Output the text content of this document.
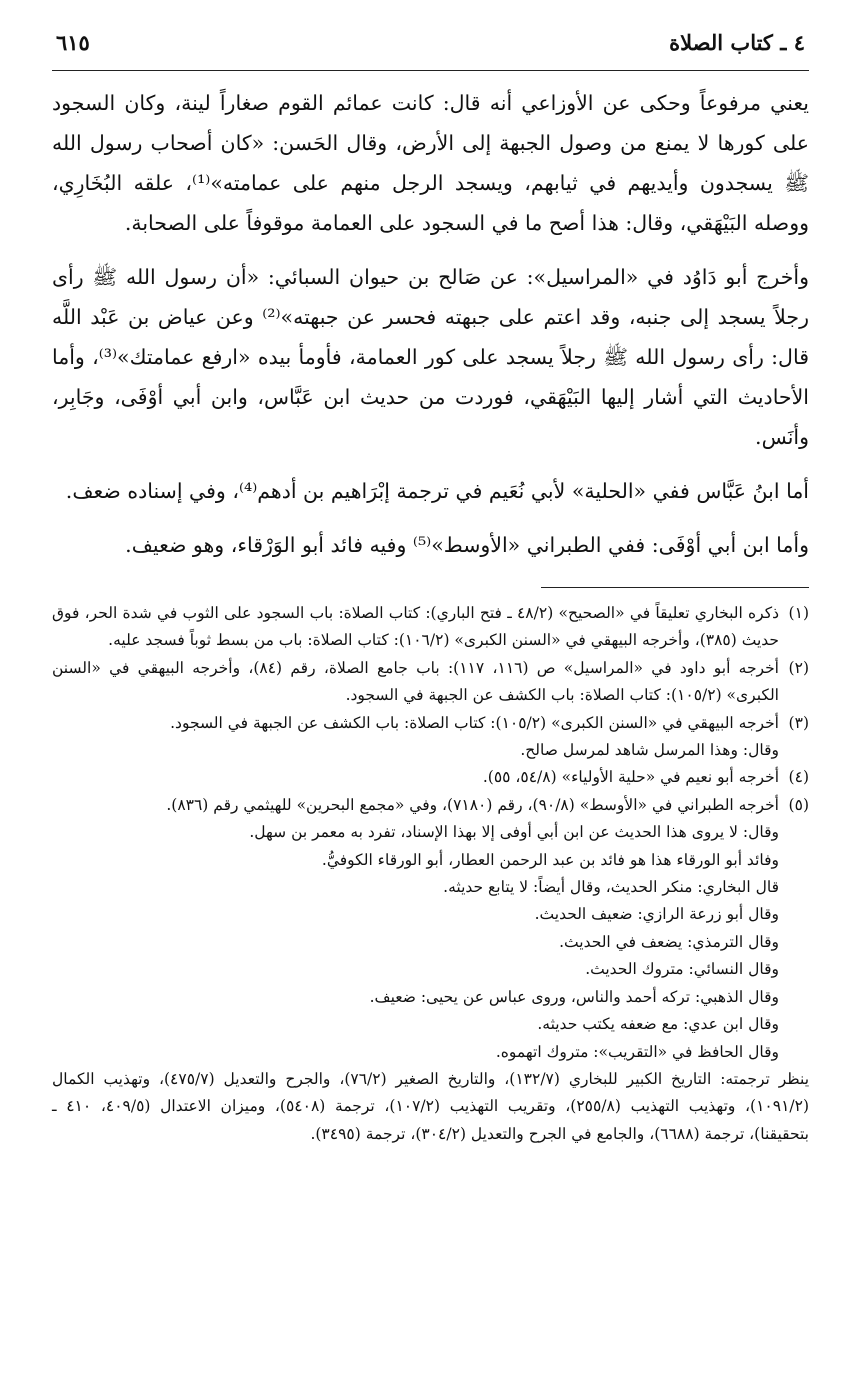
٤ ـ كتاب الصلاة
٦١٥

يعني مرفوعاً وحكى عن الأوزاعي أنه قال: كانت عمائم القوم صغاراً لينة، وكان السجود على كورها لا يمنع من وصول الجبهة إلى الأرض، وقال الحَسن: «كان أصحاب رسول الله ﷺ يسجدون وأيديهم في ثيابهم، ويسجد الرجل منهم على عمامته»⁽¹⁾، علقه البُخَارِي، ووصله البَيْهَقي، وقال: هذا أصح ما في السجود على العمامة موقوفاً على الصحابة.

وأخرج أبو دَاوُد في «المراسيل»: عن صَالح بن حيوان السبائي: «أن رسول الله ﷺ رأى رجلاً يسجد إلى جنبه، وقد اعتم على جبهته فحسر عن جبهته»⁽²⁾ وعن عياض بن عَبْد اللَّه قال: رأى رسول الله ﷺ رجلاً يسجد على كور العمامة، فأومأ بيده «ارفع عمامتك»⁽³⁾، وأما الأحاديث التي أشار إليها البَيْهَقي، فوردت من حديث ابن عَبَّاس، وابن أبي أوْفَى، وجَابِر، وأنَس.

أما ابنُ عَبَّاس ففي «الحلية» لأبي نُعَيم في ترجمة إبْرَاهيم بن أدهم⁽⁴⁾، وفي إسناده ضعف.

وأما ابن أبي أوْفَى: ففي الطبراني «الأوسط»⁽⁵⁾ وفيه فائد أبو الوَرْقاء، وهو ضعيف.

(١)
ذكره البخاري تعليقاً في «الصحيح» (٤٨/٢ ـ فتح الباري): كتاب الصلاة: باب السجود على الثوب في شدة الحر، فوق حديث (٣٨٥)، وأخرجه البيهقي في «السنن الكبرى» (١٠٦/٢): كتاب الصلاة: باب من بسط ثوباً فسجد عليه.
(٢)
أخرجه أبو داود في «المراسيل» ص (١١٦، ١١٧): باب جامع الصلاة، رقم (٨٤)، وأخرجه البيهقي في «السنن الكبرى» (١٠٥/٢): كتاب الصلاة: باب الكشف عن الجبهة في السجود.
(٣)
أخرجه البيهقي في «السنن الكبرى» (١٠٥/٢): كتاب الصلاة: باب الكشف عن الجبهة في السجود.
وقال: وهذا المرسل شاهد لمرسل صالح.
(٤)
أخرجه أبو نعيم في «حلية الأولياء» (٥٤/٨، ٥٥).
(٥)
أخرجه الطبراني في «الأوسط» (٩٠/٨)، رقم (٧١٨٠)، وفي «مجمع البحرين» للهيثمي رقم (٨٣٦).
وقال: لا يروى هذا الحديث عن ابن أبي أوفى إلا بهذا الإسناد، تفرد به معمر بن سهل.
وفائد أبو الورقاء هذا هو فائد بن عبد الرحمن العطار، أبو الورقاء الكوفيُّ.
قال البخاري: منكر الحديث، وقال أيضاً: لا يتابع حديثه.
وقال أبو زرعة الرازي: ضعيف الحديث.
وقال الترمذي: يضعف في الحديث.
وقال النسائي: متروك الحديث.
وقال الذهبي: تركه أحمد والناس، وروى عباس عن يحيى: ضعيف.
وقال ابن عدي: مع ضعفه يكتب حديثه.
وقال الحافظ في «التقريب»: متروك اتهموه.
ينظر ترجمته: التاريخ الكبير للبخاري (١٣٢/٧)، والتاريخ الصغير (٧٦/٢)، والجرح والتعديل (٤٧٥/٧)، وتهذيب الكمال (١٠٩١/٢)، وتهذيب التهذيب (٢٥٥/٨)، وتقريب التهذيب (١٠٧/٢)، ترجمة (٥٤٠٨)، وميزان الاعتدال (٤٠٩/٥، ٤١٠ ـ بتحقيقنا)، ترجمة (٦٦٨٨)، والجامع في الجرح والتعديل (٣٠٤/٢)، ترجمة (٣٤٩٥).
